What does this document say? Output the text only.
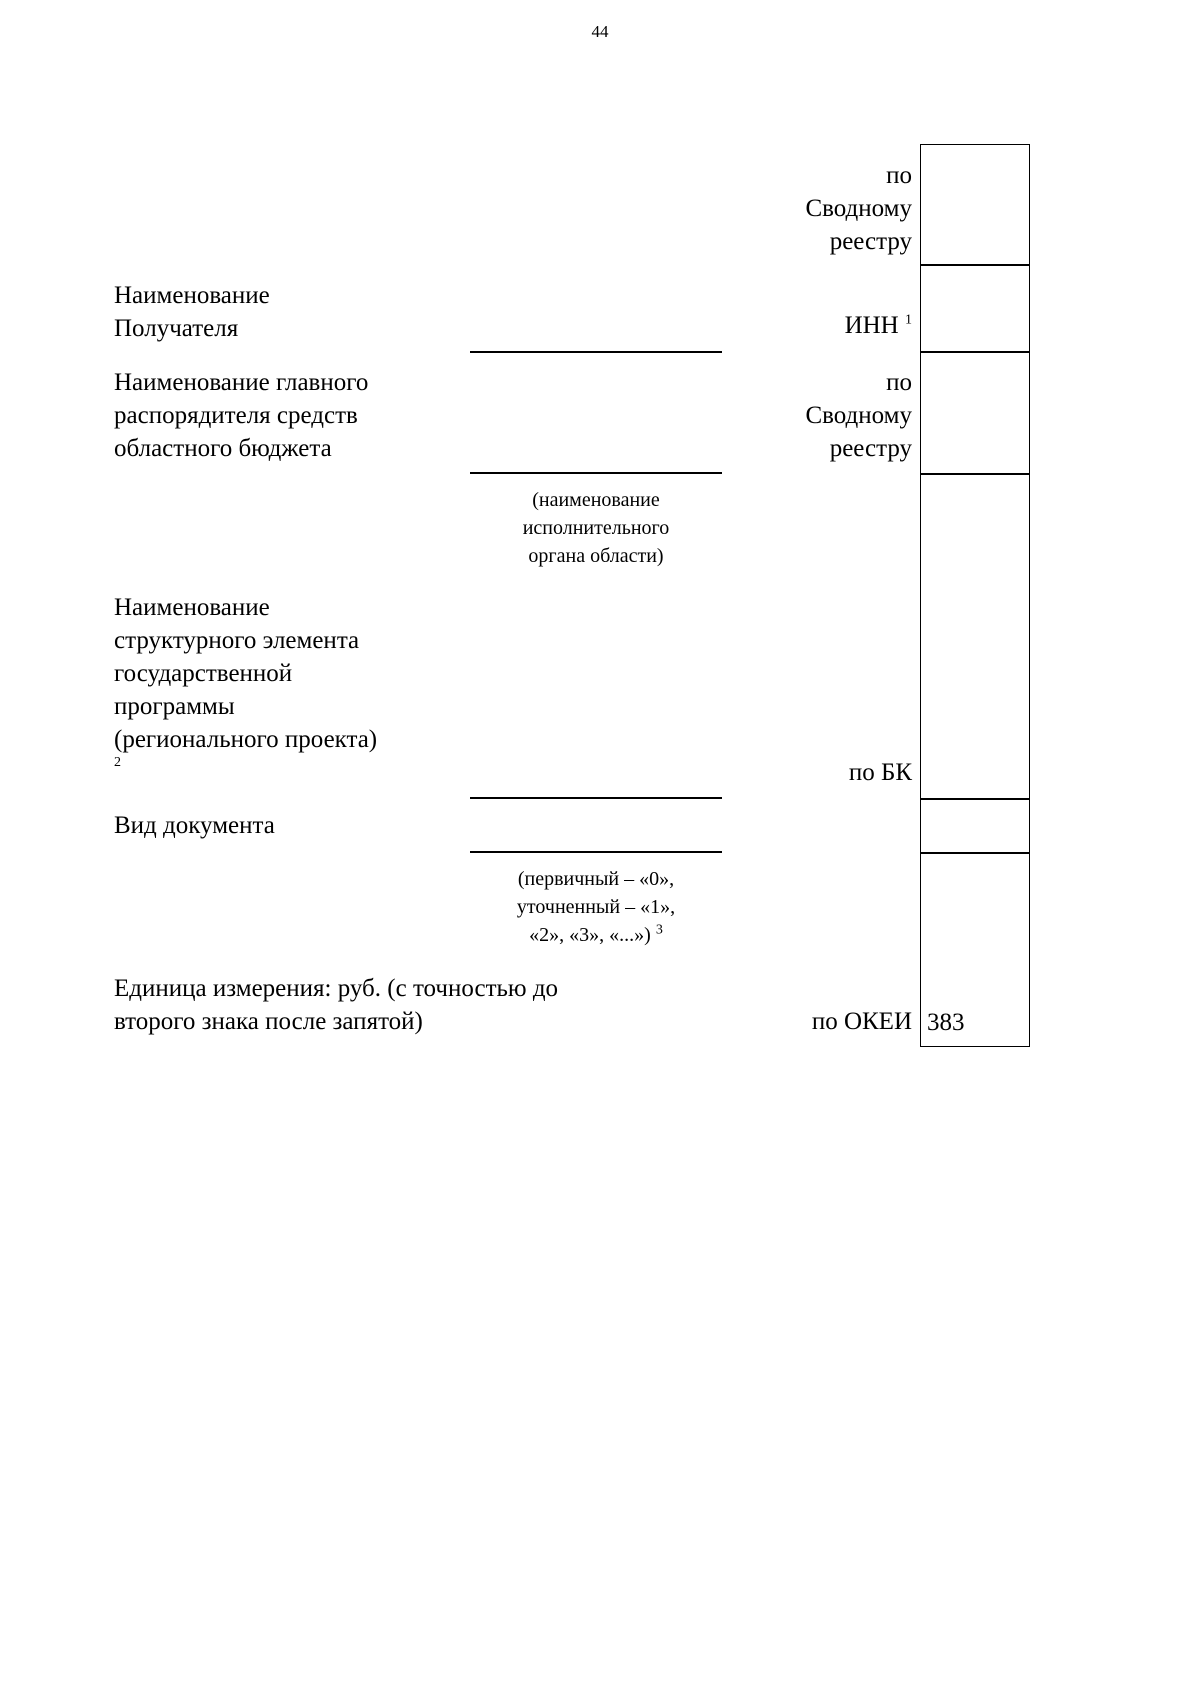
44
Наименование
Получателя
Наименование главного
распорядителя средств
областного бюджета
Наименование
структурного элемента
государственной
программы
(регионального проекта)
2
Вид документа
Единица измерения: руб. (с точностью до
второго знака после запятой)
(наименование
исполнительного
органа области)
(первичный – «0»,
уточненный – «1»,
«2», «3», «...») $^3$
по
Сводному
реестру
ИНН $^1$
по
Сводному
реестру
по БК
по ОКЕИ 383
